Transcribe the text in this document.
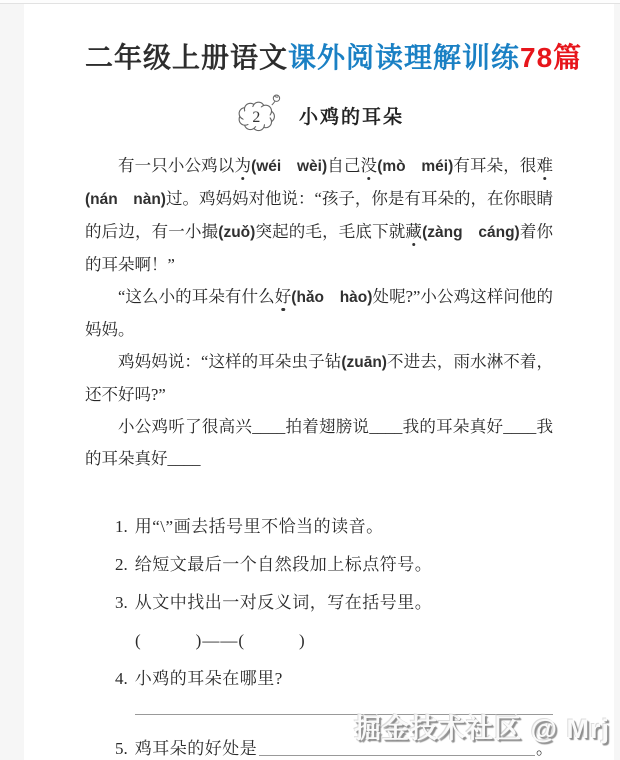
二年级上册语文课外阅读理解训练78篇
2 小鸡的耳朵

有一只小公鸡以为(wéi　wèi)自己没(mò　méi)有耳朵，很难(nán　nàn)过。鸡妈妈对他说：“孩子，你是有耳朵的，在你眼睛的后边，有一小撮(zuǒ)突起的毛，毛底下就藏(zàng　cáng)着你的耳朵啊！”

“这么小的耳朵有什么好(hǎo　hào)处呢?”小公鸡这样问他的妈妈。

鸡妈妈说：“这样的耳朵虫子钻(zuān)不进去，雨水淋不着，还不好吗?”

小公鸡听了很高兴____拍着翅膀说____我的耳朵真好____我的耳朵真好____

1. 用“\”画去括号里不恰当的读音。
2. 给短文最后一个自然段加上标点符号。
3. 从文中找出一对反义词，写在括号里。
(　　　)——(　　　)
4. 小鸡的耳朵在哪里?
5. 鸡耳朵的好处是	。
掘金技术社区 @ Mrj
